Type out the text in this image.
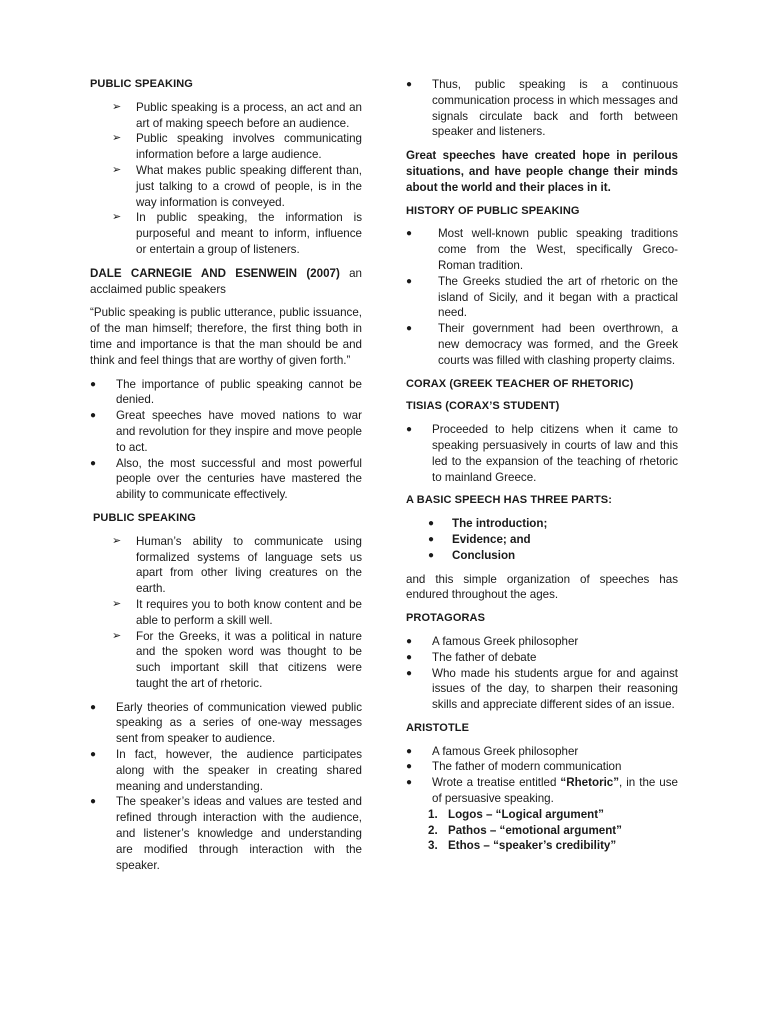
PUBLIC SPEAKING
➢ Public speaking is a process, an act and an art of making speech before an audience.
➢ Public speaking involves communicating information before a large audience.
➢ What makes public speaking different than, just talking to a crowd of people, is in the way information is conveyed.
➢ In public speaking, the information is purposeful and meant to inform, influence or entertain a group of listeners.

DALE CARNEGIE AND ESENWEIN (2007) an acclaimed public speakers

“Public speaking is public utterance, public issuance, of the man himself; therefore, the first thing both in time and importance is that the man should be and think and feel things that are worthy of given forth.”

● The importance of public speaking cannot be denied.
● Great speeches have moved nations to war and revolution for they inspire and move people to act.
● Also, the most successful and most powerful people over the centuries have mastered the ability to communicate effectively.
PUBLIC SPEAKING
➢ Human’s ability to communicate using formalized systems of language sets us apart from other living creatures on the earth.
➢ It requires you to both know content and be able to perform a skill well.
➢ For the Greeks, it was a political in nature and the spoken word was thought to be such important skill that citizens were taught the art of rhetoric.
● Early theories of communication viewed public speaking as a series of one-way messages sent from speaker to audience.
● In fact, however, the audience participates along with the speaker in creating shared meaning and understanding.
● The speaker’s ideas and values are tested and refined through interaction with the audience, and listener’s knowledge and understanding are modified through interaction with the speaker.
● Thus, public speaking is a continuous communication process in which messages and signals circulate back and forth between speaker and listeners.

Great speeches have created hope in perilous situations, and have people change their minds about the world and their places in it.

HISTORY OF PUBLIC SPEAKING
● Most well-known public speaking traditions come from the West, specifically Greco-Roman tradition.
● The Greeks studied the art of rhetoric on the island of Sicily, and it began with a practical need.
● Their government had been overthrown, a new democracy was formed, and the Greek courts was filled with clashing property claims.
CORAX (GREEK TEACHER OF RHETORIC)
TISIAS (CORAX’S STUDENT)
● Proceeded to help citizens when it came to speaking persuasively in courts of law and this led to the expansion of the teaching of rhetoric to mainland Greece.
A BASIC SPEECH HAS THREE PARTS:
● The introduction;
● Evidence; and
● Conclusion

and this simple organization of speeches has endured throughout the ages.

PROTAGORAS
● A famous Greek philosopher
● The father of debate
● Who made his students argue for and against issues of the day, to sharpen their reasoning skills and appreciate different sides of an issue.
ARISTOTLE
● A famous Greek philosopher
● The father of modern communication
● Wrote a treatise entitled “Rhetoric”, in the use of persuasive speaking.
1. Logos – “Logical argument”
2. Pathos – “emotional argument”
3. Ethos – “speaker’s credibility”
